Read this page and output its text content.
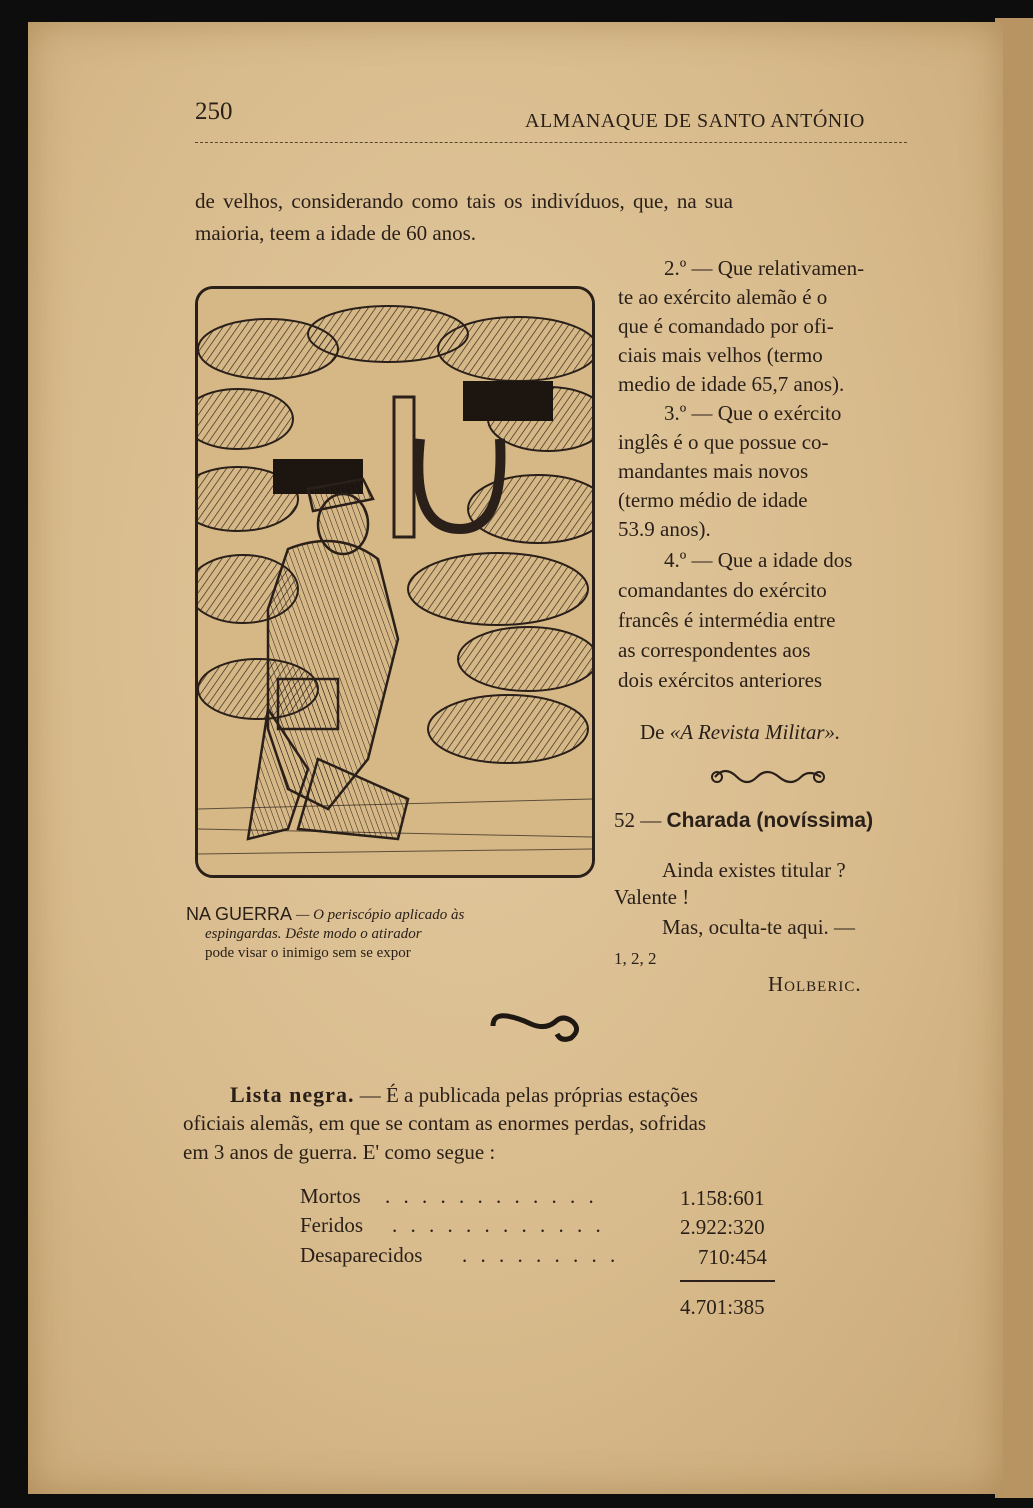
250	ALMANAQUE DE SANTO ANTÓNIO
de velhos, considerando como tais os indivíduos, que, na sua
maioria, teem a idade de 60 anos.
NA GUERRA — O periscópio aplicado às
espingardas. Dêste modo o atirador
pode visar o inimigo sem se expor
2.º — Que relativamen-
te ao exército alemão é o
que é comandado por ofi-
ciais mais velhos (termo
medio de idade 65,7 anos).
3.º — Que o exército
inglês é o que possue co-
mandantes mais novos
(termo médio de idade
53.9 anos).
4.º — Que a idade dos
comandantes do exército
francês é intermédia entre
as correspondentes aos
dois exércitos anteriores
De «A Revista Militar».
52 — Charada (novíssima)
Ainda existes titular ?
Valente !
Mas, oculta-te aqui. —
1, 2, 2
Holberic.
Lista negra. — É a publicada pelas próprias estações
oficiais alemãs, em que se contam as enormes perdas, sofridas
em 3 anos de guerra. E' como segue :
Mortos . . . . . . . . . . . .	1.158:601
Feridos . . . . . . . . . . . .	2.922:320
Desaparecidos . . . . . . . . .	710:454
4.701:385
